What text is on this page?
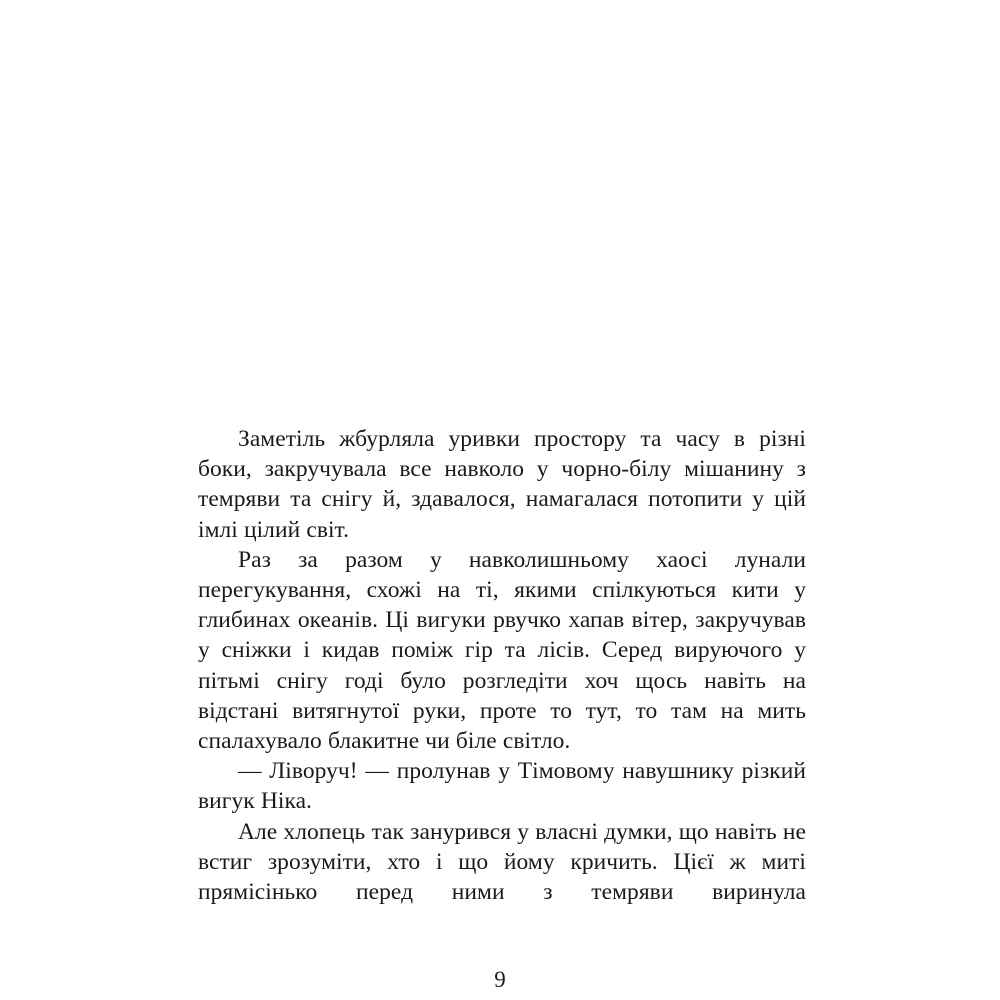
Заметіль жбурляла уривки простору та часу в різні боки, закручувала все навколо у чорно-білу мішанину з темряви та снігу й, здавалося, намагалася потопити у цій імлі цілий світ.

Раз за разом у навколишньому хаосі лунали перегукування, схожі на ті, якими спілкуються кити у глибинах океанів. Ці вигуки рвучко хапав вітер, закручував у сніжки і кидав поміж гір та лісів. Серед вируючого у пітьмі снігу годі було розгледіти хоч щось навіть на відстані витягнутої руки, проте то тут, то там на мить спалахувало блакитне чи біле світло.

— Ліворуч! — пролунав у Тімовому навушнику різкий вигук Ніка.

Але хлопець так занурився у власні думки, що навіть не встиг зрозуміти, хто і що йому кричить. Цієї ж миті прямісінько перед ними з темряви виринула

9
